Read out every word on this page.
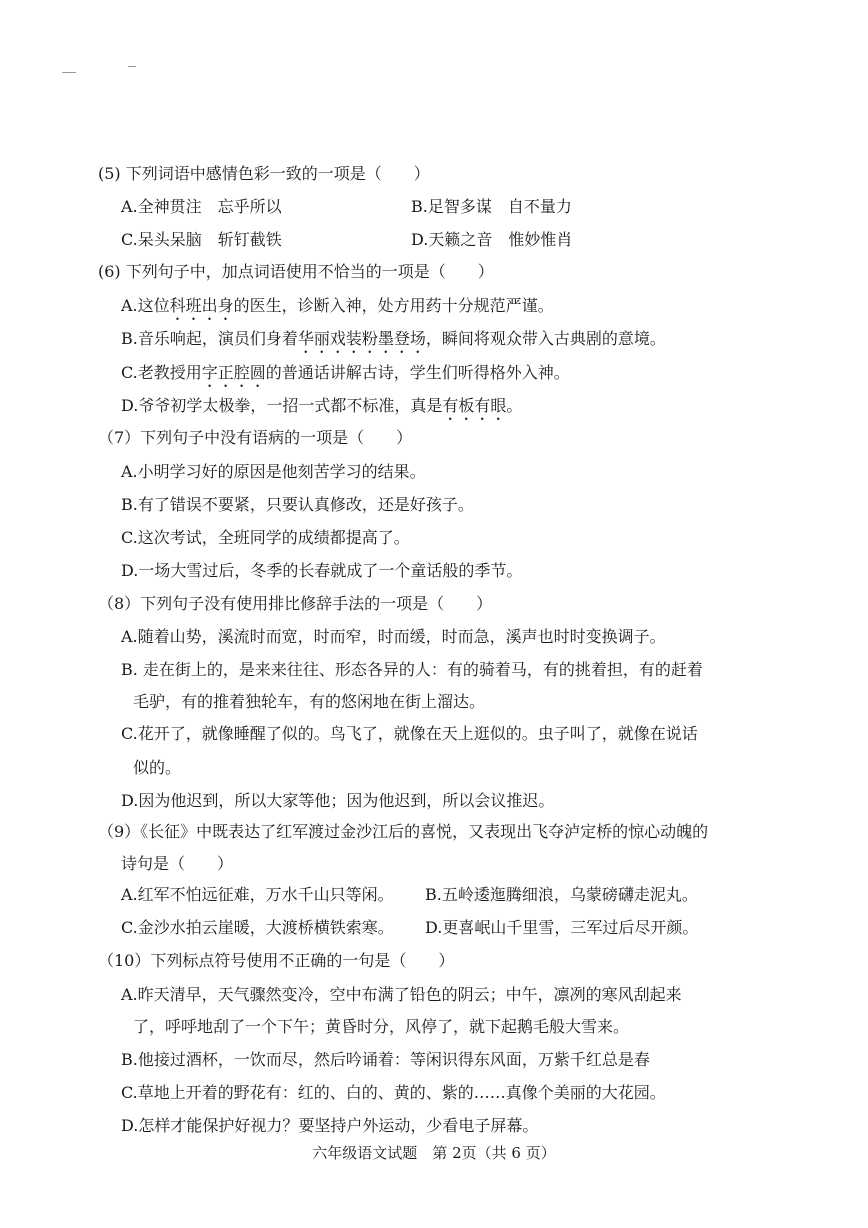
(5) 下列词语中感情色彩一致的一项是（　　）
A.全神贯注　忘乎所以	B.足智多谋　自不量力
C.呆头呆脑　斩钉截铁	D.天籁之音　惟妙惟肖
(6) 下列句子中，加点词语使用不恰当的一项是（　　）
A.这位科班出身的医生，诊断入神，处方用药十分规范严谨。
B.音乐响起，演员们身着华丽戏装粉墨登场，瞬间将观众带入古典剧的意境。
C.老教授用字正腔圆的普通话讲解古诗，学生们听得格外入神。
D.爷爷初学太极拳，一招一式都不标准，真是有板有眼。
（7）下列句子中没有语病的一项是（　　）
A.小明学习好的原因是他刻苦学习的结果。
B.有了错误不要紧，只要认真修改，还是好孩子。
C.这次考试，全班同学的成绩都提高了。
D.一场大雪过后，冬季的长春就成了一个童话般的季节。
（8）下列句子没有使用排比修辞手法的一项是（　　）
A.随着山势，溪流时而宽，时而窄，时而缓，时而急，溪声也时时变换调子。
B. 走在街上的，是来来往往、形态各异的人：有的骑着马，有的挑着担，有的赶着
毛驴，有的推着独轮车，有的悠闲地在街上溜达。
C.花开了，就像睡醒了似的。鸟飞了，就像在天上逛似的。虫子叫了，就像在说话
似的。
D.因为他迟到，所以大家等他；因为他迟到，所以会议推迟。
（9）《长征》中既表达了红军渡过金沙江后的喜悦，又表现出飞夺泸定桥的惊心动魄的
诗句是（　　）
A.红军不怕远征难，万水千山只等闲。 B.五岭逶迤腾细浪，乌蒙磅礴走泥丸。
C.金沙水拍云崖暖，大渡桥横铁索寒。 D.更喜岷山千里雪，三军过后尽开颜。
（10）下列标点符号使用不正确的一句是（　　）
A.昨天清早，天气骤然变冷，空中布满了铅色的阴云；中午，凛冽的寒风刮起来
了，呼呼地刮了一个下午；黄昏时分，风停了，就下起鹅毛般大雪来。
B.他接过酒杯，一饮而尽，然后吟诵着：等闲识得东风面，万紫千红总是春
C.草地上开着的野花有：红的、白的、黄的、紫的……真像个美丽的大花园。
D.怎样才能保护好视力？要坚持户外运动，少看电子屏幕。
六年级语文试题　第 2页（共 6 页）
